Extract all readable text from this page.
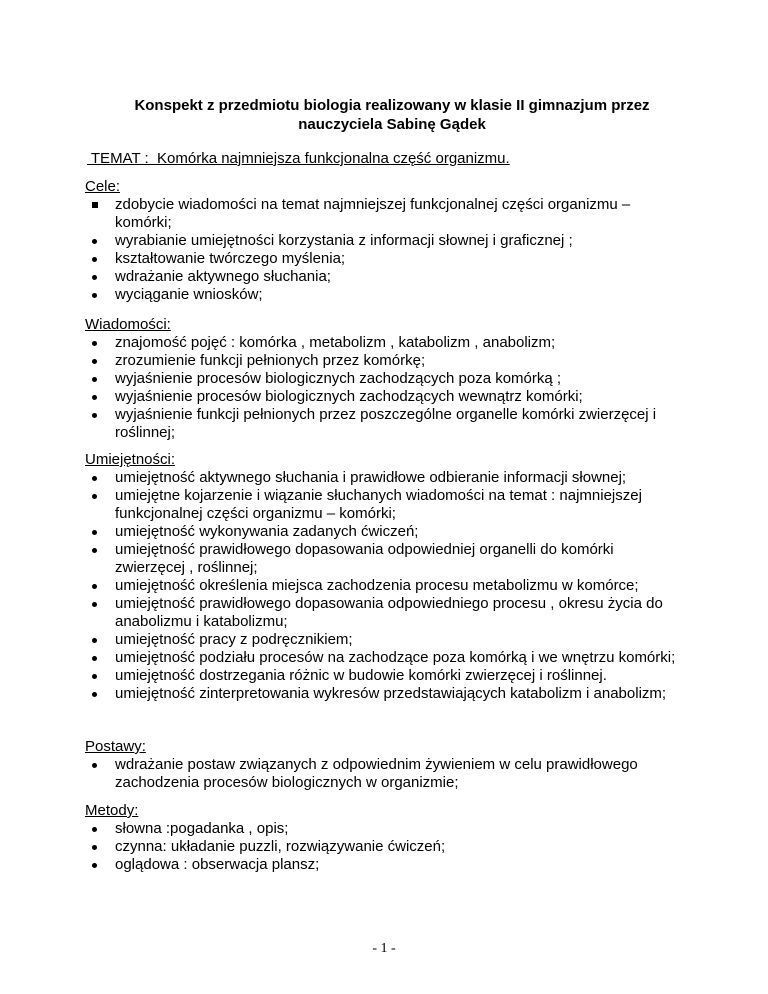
Konspekt z przedmiotu biologia realizowany w klasie II gimnazjum przez
nauczyciela Sabinę Gądek
TEMAT :  Komórka najmniejsza funkcjonalna część organizmu.
Cele:
zdobycie wiadomości na temat najmniejszej funkcjonalnej części organizmu – komórki;
wyrabianie umiejętności korzystania z informacji słownej i graficznej ;
kształtowanie twórczego myślenia;
wdrażanie aktywnego słuchania;
wyciąganie wniosków;
Wiadomości:
znajomość pojęć : komórka , metabolizm , katabolizm , anabolizm;
zrozumienie funkcji pełnionych przez komórkę;
wyjaśnienie procesów biologicznych zachodzących poza komórką ;
wyjaśnienie procesów biologicznych zachodzących wewnątrz komórki;
wyjaśnienie funkcji pełnionych przez poszczególne organelle komórki zwierzęcej i roślinnej;
Umiejętności:
umiejętność aktywnego słuchania i prawidłowe odbieranie informacji słownej;
umiejętne kojarzenie i wiązanie słuchanych wiadomości na temat : najmniejszej funkcjonalnej części organizmu – komórki;
umiejętność wykonywania zadanych ćwiczeń;
umiejętność prawidłowego dopasowania odpowiedniej organelli do komórki zwierzęcej , roślinnej;
umiejętność określenia miejsca zachodzenia procesu metabolizmu w komórce;
umiejętność prawidłowego dopasowania odpowiedniego procesu , okresu życia do anabolizmu i katabolizmu;
umiejętność pracy z podręcznikiem;
umiejętność podziału procesów na zachodzące poza komórką i we wnętrzu komórki;
umiejętność dostrzegania różnic w budowie komórki zwierzęcej i roślinnej.
umiejętność zinterpretowania wykresów przedstawiających katabolizm i anabolizm;
Postawy:
wdrażanie postaw związanych z odpowiednim żywieniem w celu prawidłowego zachodzenia procesów biologicznych w organizmie;
Metody:
słowna :pogadanka , opis;
czynna: układanie puzzli, rozwiązywanie ćwiczeń;
oglądowa : obserwacja plansz;
- 1 -
